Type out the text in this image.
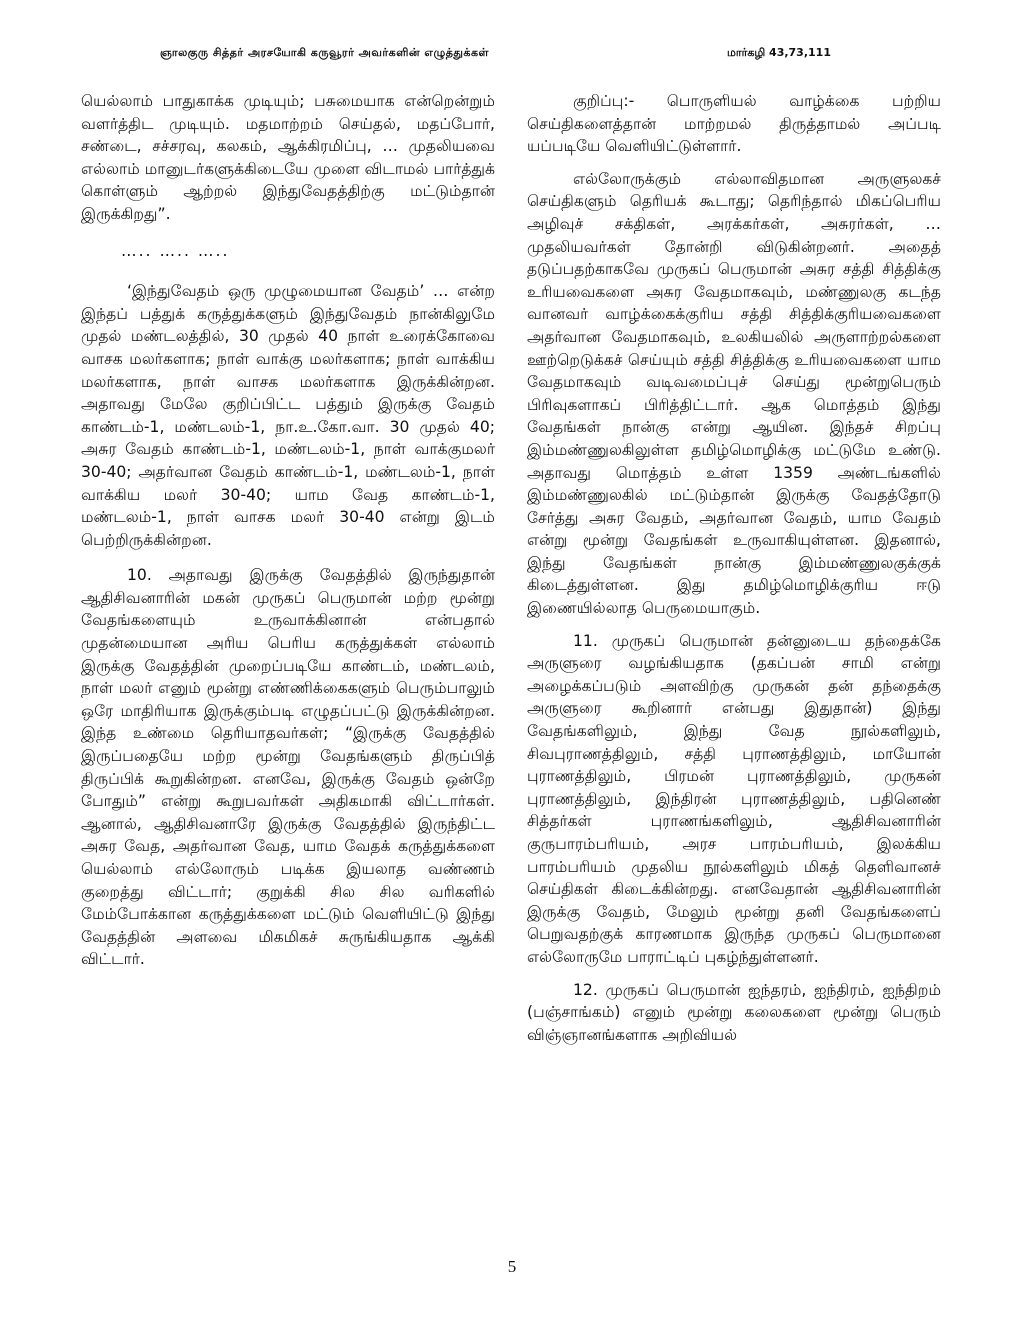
ஞாலகுரு சித்தர் அரசயோகி கருவூரர் அவர்களின் எழுத்துக்கள்	மார்கழி 43,73,111

யெல்லாம் பாதுகாக்க முடியும்; பசுமையாக என்றென்றும் வளர்த்திட முடியும். மதமாற்றம் செய்தல், மதப்போர், சண்டை, சச்சரவு, கலகம், ஆக்கிரமிப்பு, … முதலியவை எல்லாம் மானுடர்களுக்கிடையே முளை விடாமல் பார்த்துக் கொள்ளும் ஆற்றல் இந்துவேதத்திற்கு மட்டும்தான் இருக்கிறது”.

….. ….. …..

‘இந்துவேதம் ஒரு முழுமையான வேதம்’ … என்ற இந்தப் பத்துக் கருத்துக்களும் இந்துவேதம் நான்கிலுமே முதல் மண்டலத்தில், 30 முதல் 40 நாள் உரைக்கோவை வாசக மலர்களாக; நாள் வாக்கு மலர்களாக; நாள் வாக்கிய மலர்களாக, நாள் வாசக மலர்களாக இருக்கின்றன. அதாவது மேலே குறிப்பிட்ட பத்தும் இருக்கு வேதம் காண்டம்-1, மண்டலம்-1, நா.உ.கோ.வா. 30 முதல் 40; அசுர வேதம் காண்டம்-1, மண்டலம்-1, நாள் வாக்குமலர் 30-40; அதர்வான வேதம் காண்டம்-1, மண்டலம்-1, நாள் வாக்கிய மலர் 30-40; யாம வேத காண்டம்-1, மண்டலம்-1, நாள் வாசக மலர் 30-40 என்று இடம் பெற்றிருக்கின்றன.

10. அதாவது இருக்கு வேதத்தில் இருந்துதான் ஆதிசிவனாரின் மகன் முருகப் பெருமான் மற்ற மூன்று வேதங்களையும் உருவாக்கினான் என்பதால் முதன்மையான அரிய பெரிய கருத்துக்கள் எல்லாம் இருக்கு வேதத்தின் முறைப்படியே காண்டம், மண்டலம், நாள் மலர் எனும் மூன்று எண்ணிக்கைகளும் பெரும்பாலும் ஒரே மாதிரியாக இருக்கும்படி எழுதப்பட்டு இருக்கின்றன. இந்த உண்மை தெரியாதவர்கள்; “இருக்கு வேதத்தில் இருப்பதையே மற்ற மூன்று வேதங்களும் திருப்பித் திருப்பிக் கூறுகின்றன. எனவே, இருக்கு வேதம் ஒன்றே போதும்” என்று கூறுபவர்கள் அதிகமாகி விட்டார்கள். ஆனால், ஆதிசிவனாரே இருக்கு வேதத்தில் இருந்திட்ட அசுர வேத, அதர்வான வேத, யாம வேதக் கருத்துக்களை யெல்லாம் எல்லோரும் படிக்க இயலாத வண்ணம் குறைத்து விட்டார்; குறுக்கி சில சில வரிகளில் மேம்போக்கான கருத்துக்களை மட்டும் வெளியிட்டு இந்து வேதத்தின் அளவை மிகமிகச் சுருங்கியதாக ஆக்கி விட்டார்.

குறிப்பு:- பொருளியல் வாழ்க்கை பற்றிய செய்திகளைத்தான் மாற்றமல் திருத்தாமல் அப்படி யப்படியே வெளியிட்டுள்ளார்.

எல்லோருக்கும் எல்லாவிதமான அருளுலகச் செய்திகளும் தெரியக் கூடாது; தெரிந்தால் மிகப்பெரிய அழிவுச் சக்திகள், அரக்கர்கள், அசுரர்கள், … முதலியவர்கள் தோன்றி விடுகின்றனர். அதைத் தடுப்பதற்காகவே முருகப் பெருமான் அசுர சத்தி சித்திக்கு உரியவைகளை அசுர வேதமாகவும், மண்ணுலகு கடந்த வானவர் வாழ்க்கைக்குரிய சத்தி சித்திக்குரியவைகளை அதர்வான வேதமாகவும், உலகியலில் அருளாற்றல்களை ஊற்றெடுக்கச் செய்யும் சத்தி சித்திக்கு உரியவைகளை யாம வேதமாகவும் வடிவமைப்புச் செய்து மூன்றுபெரும் பிரிவுகளாகப் பிரித்திட்டார். ஆக மொத்தம் இந்து வேதங்கள் நான்கு என்று ஆயின. இந்தச் சிறப்பு இம்மண்ணுலகிலுள்ள தமிழ்மொழிக்கு மட்டுமே உண்டு. அதாவது மொத்தம் உள்ள 1359 அண்டங்களில் இம்மண்ணுலகில் மட்டும்தான் இருக்கு வேதத்தோடு சேர்த்து அசுர வேதம், அதர்வான வேதம், யாம வேதம் என்று மூன்று வேதங்கள் உருவாகியுள்ளன. இதனால், இந்து வேதங்கள் நான்கு இம்மண்ணுலகுக்குக் கிடைத்துள்ளன. இது தமிழ்மொழிக்குரிய ஈடு இணையில்லாத பெருமையாகும்.

11. முருகப் பெருமான் தன்னுடைய தந்தைக்கே அருளுரை வழங்கியதாக (தகப்பன் சாமி என்று அழைக்கப்படும் அளவிற்கு முருகன் தன் தந்தைக்கு அருளுரை கூறினார் என்பது இதுதான்) இந்து வேதங்களிலும், இந்து வேத நூல்களிலும், சிவபுராணத்திலும், சத்தி புராணத்திலும், மாயோன் புராணத்திலும், பிரமன் புராணத்திலும், முருகன் புராணத்திலும், இந்திரன் புராணத்திலும், பதினெண் சித்தர்கள் புராணங்களிலும், ஆதிசிவனாரின் குருபாரம்பரியம், அரச பாரம்பரியம், இலக்கிய பாரம்பரியம் முதலிய நூல்களிலும் மிகத் தெளிவானச் செய்திகள் கிடைக்கின்றது. எனவேதான் ஆதிசிவனாரின் இருக்கு வேதம், மேலும் மூன்று தனி வேதங்களைப் பெறுவதற்குக் காரணமாக இருந்த முருகப் பெருமானை எல்லோருமே பாராட்டிப் புகழ்ந்துள்ளனர்.

12. முருகப் பெருமான் ஐந்தரம், ஐந்திரம், ஐந்திறம் (பஞ்சாங்கம்) எனும் மூன்று கலைகளை மூன்று பெரும் விஞ்ஞானங்களாக அறிவியல்

5
